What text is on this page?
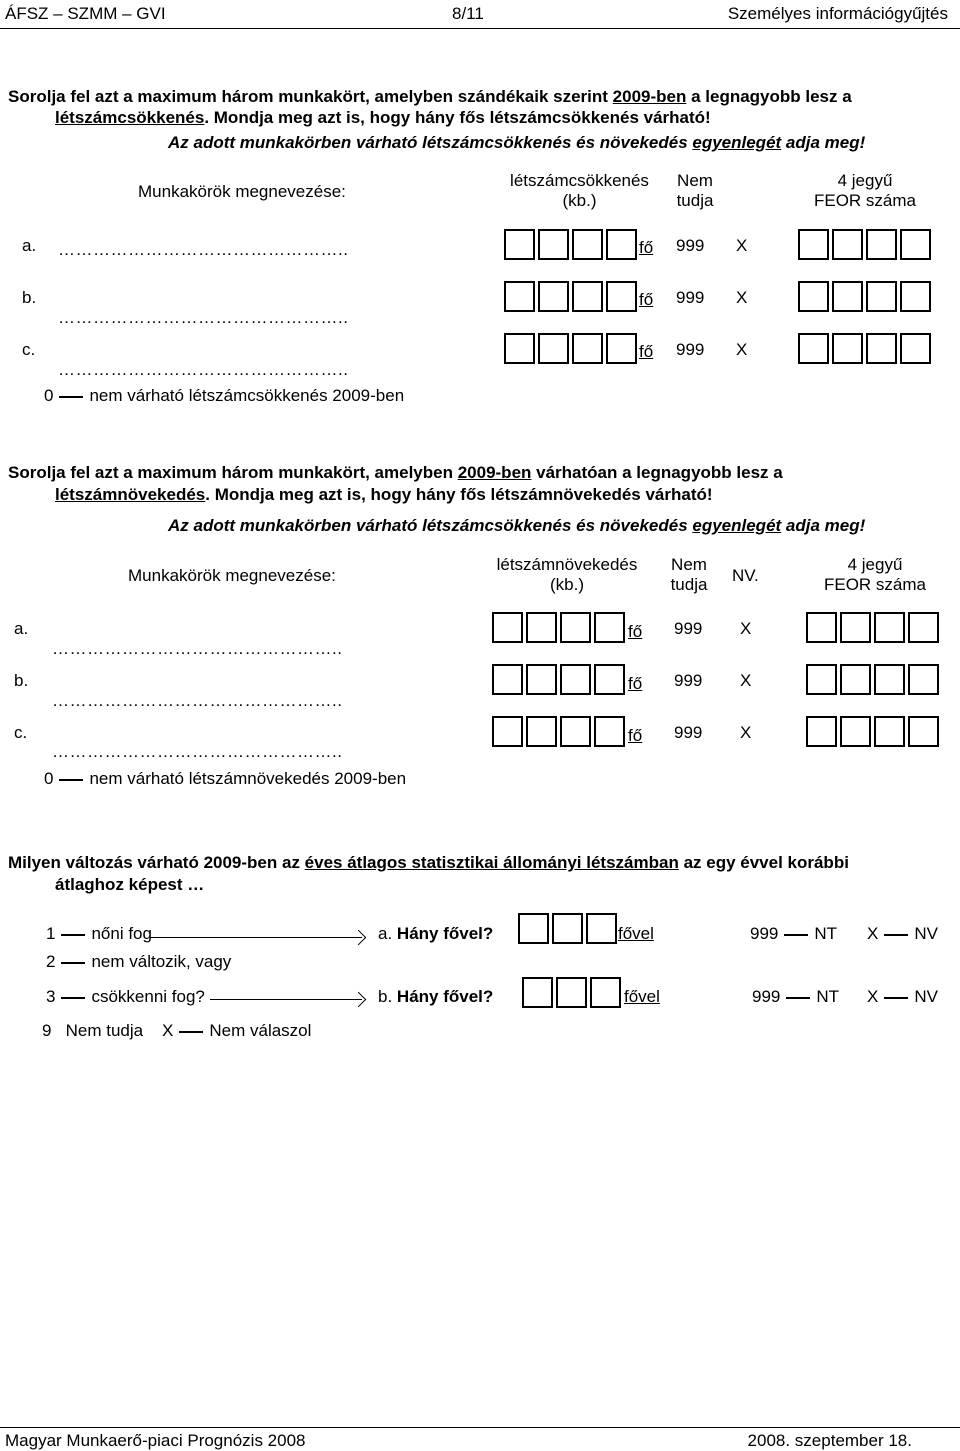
ÁFSZ – SZMM – GVI	8/11	Személyes információgyűjtés
Sorolja fel azt a maximum három munkakört, amelyben szándékaik szerint 2009-ben a legnagyobb lesz a
létszámcsökkenés. Mondja meg azt is, hogy hány fős létszámcsökkenés várható!
Az adott munkakörben várható létszámcsökkenés és növekedés egyenlegét adja meg!
Munkakörök megnevezése:
létszámcsökkenés
(kb.)
Nem
tudja
4 jegyű
FEOR száma
a. …………………………………………..	fő 999 X
b.
…………………………………………..
fő 999 X
c.
…………………………………………..
fő 999 X
0 nem várható létszámcsökkenés 2009-ben
Sorolja fel azt a maximum három munkakört, amelyben 2009-ben várhatóan a legnagyobb lesz a
létszámnövekedés. Mondja meg azt is, hogy hány fős létszámnövekedés várható!
Az adott munkakörben várható létszámcsökkenés és növekedés egyenlegét adja meg!
Munkakörök megnevezése:
létszámnövekedés
(kb.)
Nem
tudja	NV.
4 jegyű
FEOR száma
a.
…………………………………………..
fő 999 X
b.
…………………………………………..
fő 999 X
c.
…………………………………………..
fő 999 X
0 nem várható létszámnövekedés 2009-ben
Milyen változás várható 2009-ben az éves átlagos statisztikai állományi létszámban az egy évvel korábbi
átlaghoz képest …
1 nőni fog
2 nem változik, vagy
3 csökkenni fog?
9 Nem tudja X Nem válaszol
a. Hány fővel?	fővel	999 NT X NV
b. Hány fővel?	fővel	999 NT X NV
Magyar Munkaerő-piaci Prognózis 2008	2008. szeptember 18.
